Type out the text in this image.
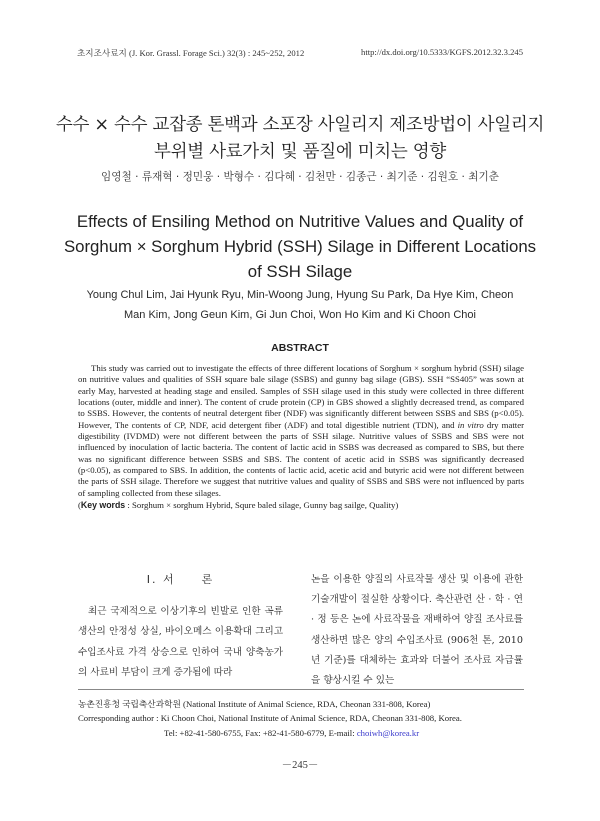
초지조사료지 (J. Kor. Grassl. Forage Sci.) 32(3) : 245~252, 2012	http://dx.doi.org/10.5333/KGFS.2012.32.3.245
수수 × 수수 교잡종 톤백과 소포장 사일리지 제조방법이 사일리지
부위별 사료가치 및 품질에 미치는 영향
임영철 · 류재혁 · 정민웅 · 박형수 · 김다혜 · 김천만 · 김종근 · 최기준 · 김원호 · 최기춘
Effects of Ensiling Method on Nutritive Values and Quality of
Sorghum × Sorghum Hybrid (SSH) Silage in Different Locations
of SSH Silage
Young Chul Lim, Jai Hyunk Ryu, Min-Woong Jung, Hyung Su Park, Da Hye Kim, Cheon
Man Kim, Jong Geun Kim, Gi Jun Choi, Won Ho Kim and Ki Choon Choi
ABSTRACT

This study was carried out to investigate the effects of three different locations of Sorghum × sorghum hybrid (SSH) silage on nutritive values and qualities of SSH square bale silage (SSBS) and gunny bag silage (GBS). SSH “SS405” was sown at early May, harvested at heading stage and ensiled. Samples of SSH silage used in this study were collected in three different locations (outer, middle and inner). The content of crude protein (CP) in GBS showed a slightly decreased trend, as compared to SSBS. However, the contents of neutral detergent fiber (NDF) was significantly different between SSBS and SBS (p<0.05). However, The contents of CP, NDF, acid detergent fiber (ADF) and total digestible nutrient (TDN), and in vitro dry matter digestibility (IVDMD) were not different between the parts of SSH silage. Nutritive values of SSBS and SBS were not influenced by inoculation of lactic bacteria. The content of lactic acid in SSBS was decreased as compared to SBS, but there was no significant difference between SSBS and SBS. The content of acetic acid in SSBS was significantly decreased (p<0.05), as compared to SBS. In addition, the contents of lactic acid, acetic acid and butyric acid were not different between the parts of SSH silage. Therefore we suggest that nutritive values and quality of SSBS and SBS were not influenced by parts of sampling collected from these silages.

(Key words : Sorghum × sorghum Hybrid, Squre baled silage, Gunny bag sailge, Quality)
Ⅰ. 서　　론

최근 국제적으로 이상기후의 빈발로 인한 곡류생산의 안정성 상실, 바이오메스 이용확대 그리고 수입조사료 가격 상승으로 인하여 국내 양축농가의 사료비 부담이 크게 증가됨에 따라

논을 이용한 양질의 사료작물 생산 및 이용에 관한 기술개발이 절실한 상황이다. 축산관련 산 · 학 · 연 · 정 등은 논에 사료작물을 재배하여 양질 조사료를 생산하면 많은 양의 수입조사료 (906천 톤, 2010년 기준)를 대체하는 효과와 더불어 조사료 자급률을 향상시킬 수 있는

농촌진흥청 국립축산과학원 (National Institute of Animal Science, RDA, Cheonan 331-808, Korea)
Corresponding author : Ki Choon Choi, National Institute of Animal Science, RDA, Cheonan 331-808, Korea.
Tel: +82-41-580-6755, Fax: +82-41-580-6779, E-mail: choiwh@korea.kr
－245－
